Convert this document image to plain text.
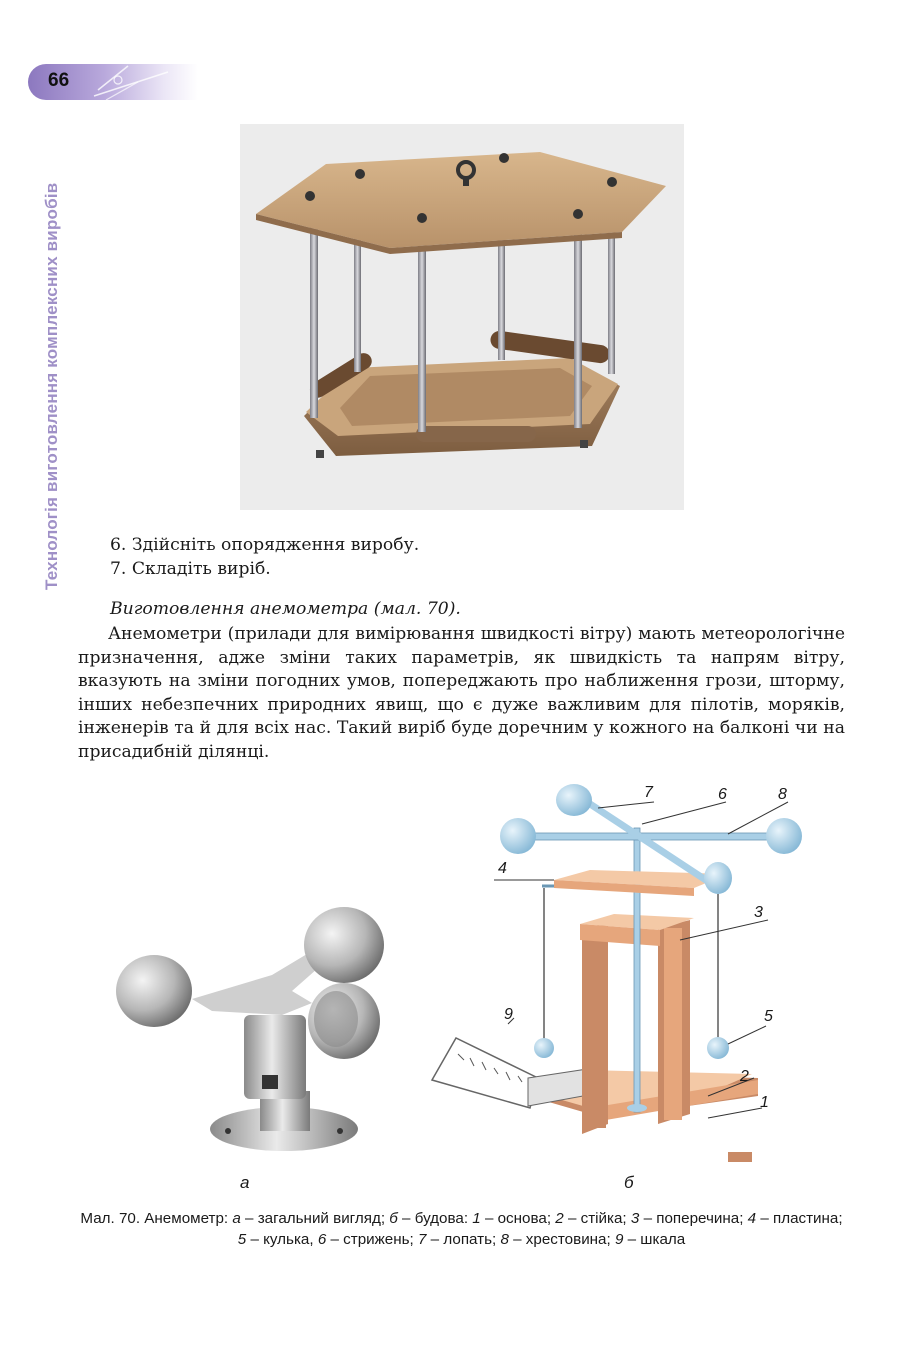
66
Технологія виготовлення комплексних виробів	6. Здійсніть опорядження виробу.
7. Складіть виріб.
Виготовлення анемометра (мал. 70).
Анемометри (прилади для вимірювання швидкості вітру) мають метеорологічне призначення, адже зміни таких параметрів, як швидкість та напрям вітру, вказують на зміни погодних умов, попереджають про наближення грози, шторму, інших небезпечних природних явищ, що є дуже важливим для пілотів, моряків, інженерів та й для всіх нас. Такий виріб буде доречним у кожного на балконі чи на присадибній ділянці.
а
7	6	8
4
3
9	5
2
1
б
Мал. 70. Анемометр: а – загальний вигляд; б – будова: 1 – основа; 2 – стійка; 3 – поперечина; 4 – пластина; 5 – кулька, 6 – стрижень; 7 – лопать; 8 – хрестовина; 9 – шкала
